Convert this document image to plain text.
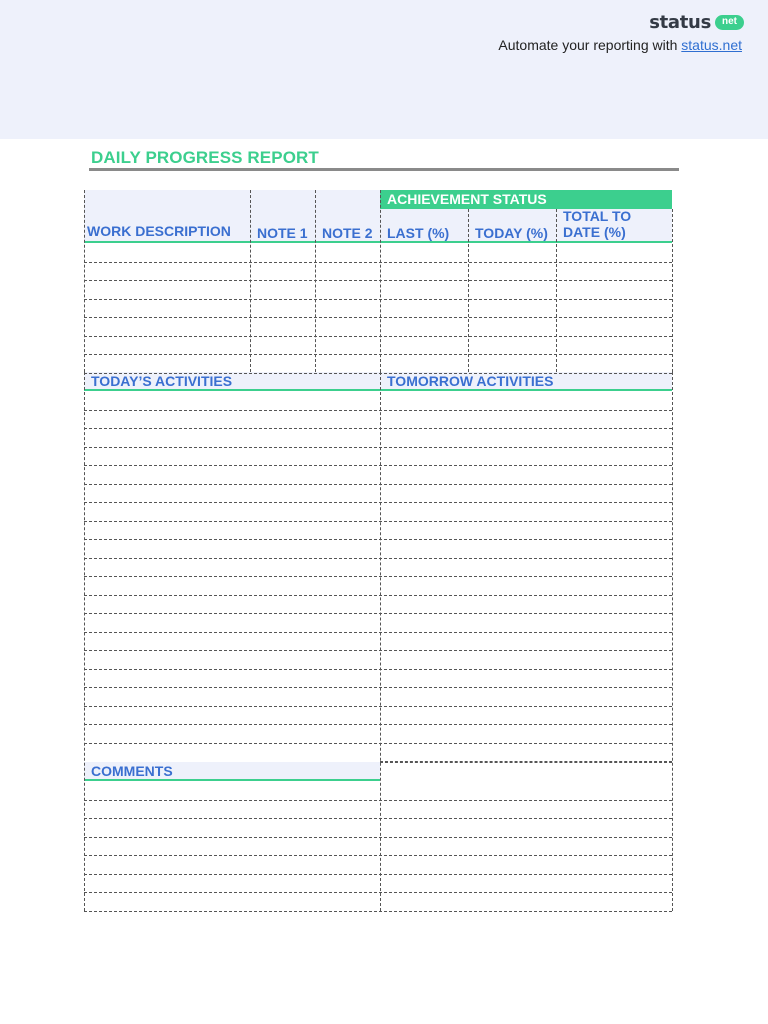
status	net
Automate your reporting with status.net
DAILY PROGRESS REPORT
ACHIEVEMENT STATUS
WORK DESCRIPTION NOTE 1 NOTE 2 LAST (%) TODAY (%)
TOTAL TO DATE (%)
TODAY’S ACTIVITIES	TOMORROW ACTIVITIES
COMMENTS
